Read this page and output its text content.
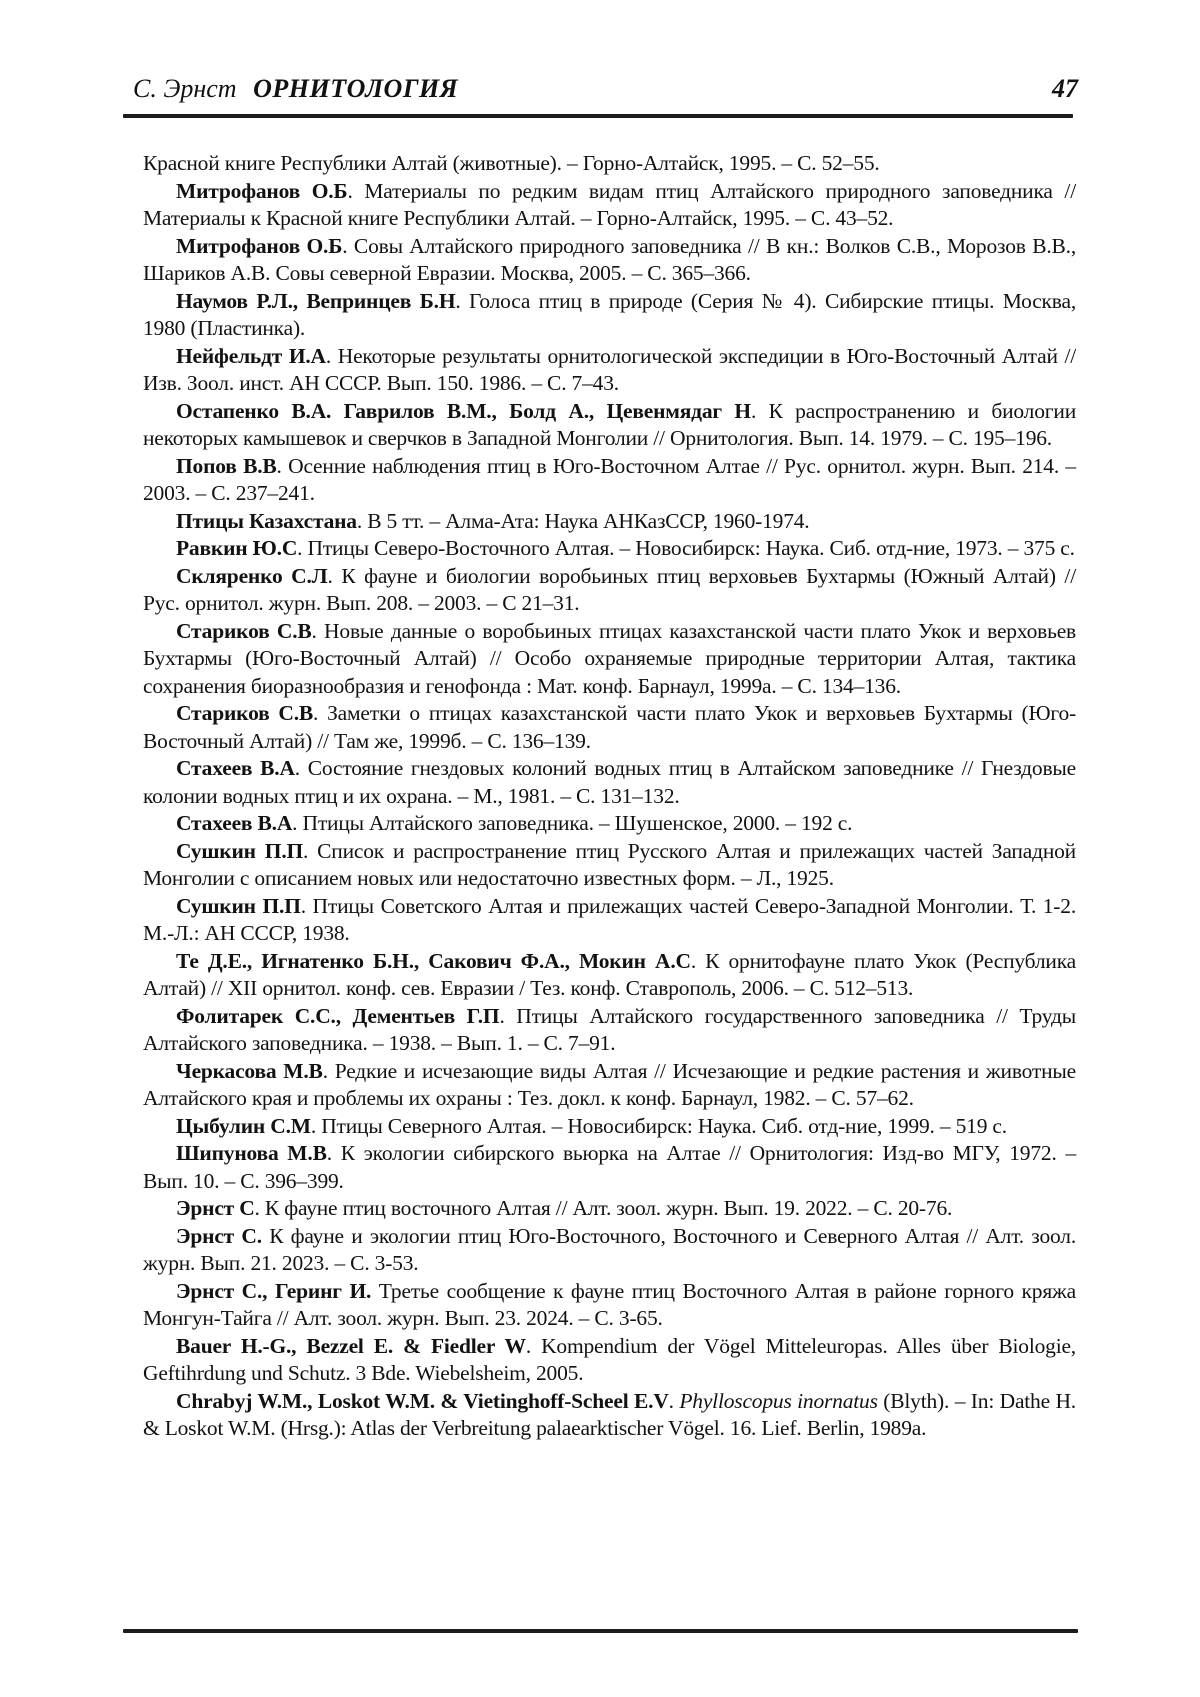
С. Эрнст ОРНИТОЛОГИЯ	47

Красной книге Республики Алтай (животные). – Горно-Алтайск, 1995. – С. 52–55.

Митрофанов О.Б. Материалы по редким видам птиц Алтайского природного заповедника // Материалы к Красной книге Республики Алтай. – Горно-Алтайск, 1995. – С. 43–52.

Митрофанов О.Б. Совы Алтайского природного заповедника // В кн.: Волков С.В., Морозов В.В., Шариков А.В. Совы северной Евразии. Москва, 2005. – С. 365–366.

Наумов Р.Л., Вепринцев Б.Н. Голоса птиц в природе (Серия № 4). Сибирские птицы. Москва, 1980 (Пластинка).

Нейфельдт И.А. Некоторые результаты орнитологической экспедиции в Юго-Восточный Алтай // Изв. Зоол. инст. АН СССР. Вып. 150. 1986. – С. 7–43.

Остапенко В.А. Гаврилов В.М., Болд А., Цевенмядаг Н. К распространению и биологии некоторых камышевок и сверчков в Западной Монголии // Орнитология. Вып. 14. 1979. – С. 195–196.

Попов В.В. Осенние наблюдения птиц в Юго-Восточном Алтае // Рус. орнитол. журн. Вып. 214. – 2003. – С. 237–241.

Птицы Казахстана. В 5 тт. – Алма-Ата: Наука АНКазССР, 1960-1974.

Равкин Ю.С. Птицы Северо-Восточного Алтая. – Новосибирск: Наука. Сиб. отд-ние, 1973. – 375 с.

Скляренко С.Л. К фауне и биологии воробьиных птиц верховьев Бухтармы (Южный Алтай) // Рус. орнитол. журн. Вып. 208. – 2003. – С 21–31.

Стариков С.В. Новые данные о воробьиных птицах казахстанской части плато Укок и верховьев Бухтармы (Юго-Восточный Алтай) // Особо охраняемые природные территории Алтая, тактика сохранения биоразнообразия и генофонда : Мат. конф. Барнаул, 1999а. – С. 134–136.

Стариков С.В. Заметки о птицах казахстанской части плато Укок и верховьев Бухтармы (Юго-Восточный Алтай) // Там же, 1999б. – С. 136–139.

Стахеев В.А. Состояние гнездовых колоний водных птиц в Алтайском заповеднике // Гнездовые колонии водных птиц и их охрана. – М., 1981. – С. 131–132.

Стахеев В.А. Птицы Алтайского заповедника. – Шушенское, 2000. – 192 с.

Сушкин П.П. Список и распространение птиц Русского Алтая и прилежащих частей Западной Монголии с описанием новых или недостаточно известных форм. – Л., 1925.

Сушкин П.П. Птицы Советского Алтая и прилежащих частей Северо-Западной Монголии. Т. 1-2. М.-Л.: АН СССР, 1938.

Те Д.Е., Игнатенко Б.Н., Сакович Ф.А., Мокин А.С. К орнитофауне плато Укок (Республика Алтай) // XII орнитол. конф. сев. Евразии / Тез. конф. Ставрополь, 2006. – С. 512–513.

Фолитарек С.С., Дементьев Г.П. Птицы Алтайского государственного заповедника // Труды Алтайского заповедника. – 1938. – Вып. 1. – С. 7–91.

Черкасова М.В. Редкие и исчезающие виды Алтая // Исчезающие и редкие растения и животные Алтайского края и проблемы их охраны : Тез. докл. к конф. Барнаул, 1982. – С. 57–62.

Цыбулин С.М. Птицы Северного Алтая. – Новосибирск: Наука. Сиб. отд-ние, 1999. – 519 с.

Шипунова М.В. К экологии сибирского вьюрка на Алтае // Орнитология: Изд-во МГУ, 1972. – Вып. 10. – С. 396–399.

Эрнст С. К фауне птиц восточного Алтая // Алт. зоол. журн. Вып. 19. 2022. – С. 20-76.

Эрнст С. К фауне и экологии птиц Юго-Восточного, Восточного и Северного Алтая // Алт. зоол. журн. Вып. 21. 2023. – С. 3-53.

Эрнст С., Геринг И. Третье сообщение к фауне птиц Восточного Алтая в районе горного кряжа Монгун-Тайга // Алт. зоол. журн. Вып. 23. 2024. – С. 3-65.

Bauer H.-G., Bezzel E. & Fiedler W. Kompendium der Vögel Mitteleuropas. Alles über Biologie, Geftihrdung und Schutz. 3 Bde. Wiebelsheim, 2005.

Chrabyj W.M., Loskot W.M. & Vietinghoff-Scheel E.V. Phylloscopus inornatus (Blyth). – In: Dathe H. & Loskot W.M. (Hrsg.): Atlas der Verbreitung palaearktischer Vögel. 16. Lief. Berlin, 1989a.
